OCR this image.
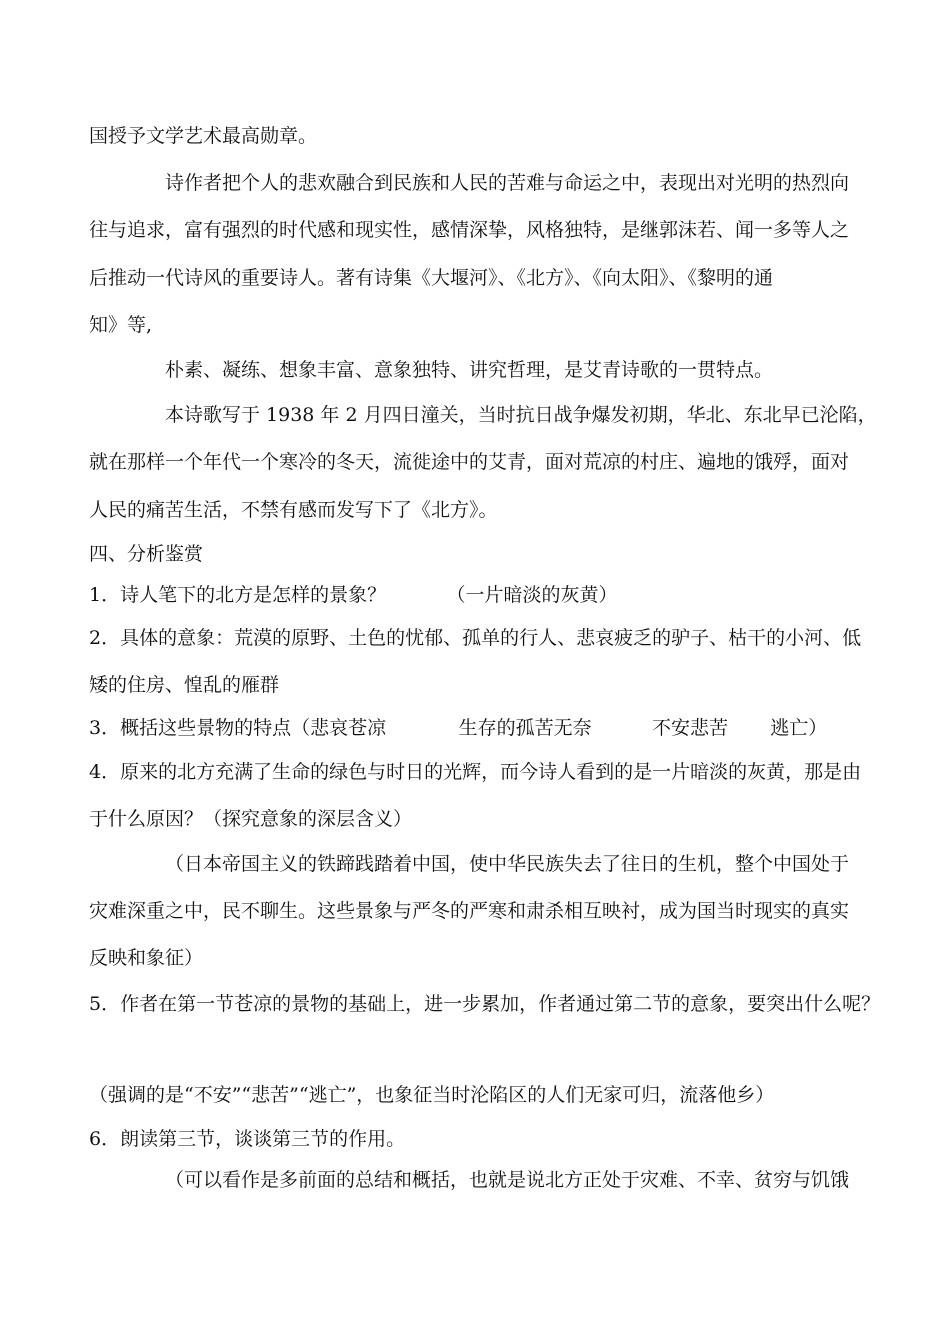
国授予文学艺术最高勋章。
诗作者把个人的悲欢融合到民族和人民的苦难与命运之中，表现出对光明的热烈向
往与追求，富有强烈的时代感和现实性，感情深挚，风格独特，是继郭沫若、闻一多等人之
后推动一代诗风的重要诗人。著有诗集《大堰河》、《北方》、《向太阳》、《黎明的通
知》等,
朴素、凝练、想象丰富、意象独特、讲究哲理，是艾青诗歌的一贯特点。
本诗歌写于 1938 年 2 月四日潼关，当时抗日战争爆发初期，华北、东北早已沦陷，
就在那样一个年代一个寒冷的冬天，流徙途中的艾青，面对荒凉的村庄、遍地的饿殍，面对
人民的痛苦生活，不禁有感而发写下了《北方》。
四、分析鉴赏
1．诗人笔下的北方是怎样的景象？          （一片暗淡的灰黄）
2．具体的意象：荒漠的原野、土色的忧郁、孤单的行人、悲哀疲乏的驴子、枯干的小河、低
矮的住房、惶乱的雁群
3．概括这些景物的特点（悲哀苍凉            生存的孤苦无奈          不安悲苦       逃亡）
4．原来的北方充满了生命的绿色与时日的光辉，而今诗人看到的是一片暗淡的灰黄，那是由
于什么原因？（探究意象的深层含义）
（日本帝国主义的铁蹄践踏着中国，使中华民族失去了往日的生机，整个中国处于
灾难深重之中，民不聊生。这些景象与严冬的严寒和肃杀相互映衬，成为国当时现实的真实
反映和象征）
5．作者在第一节苍凉的景物的基础上，进一步累加，作者通过第二节的意象，要突出什么呢？
（强调的是“不安”“悲苦”“逃亡”，也象征当时沦陷区的人们无家可归，流落他乡）
6．朗读第三节，谈谈第三节的作用。
（可以看作是多前面的总结和概括，也就是说北方正处于灾难、不幸、贫穷与饥饿
